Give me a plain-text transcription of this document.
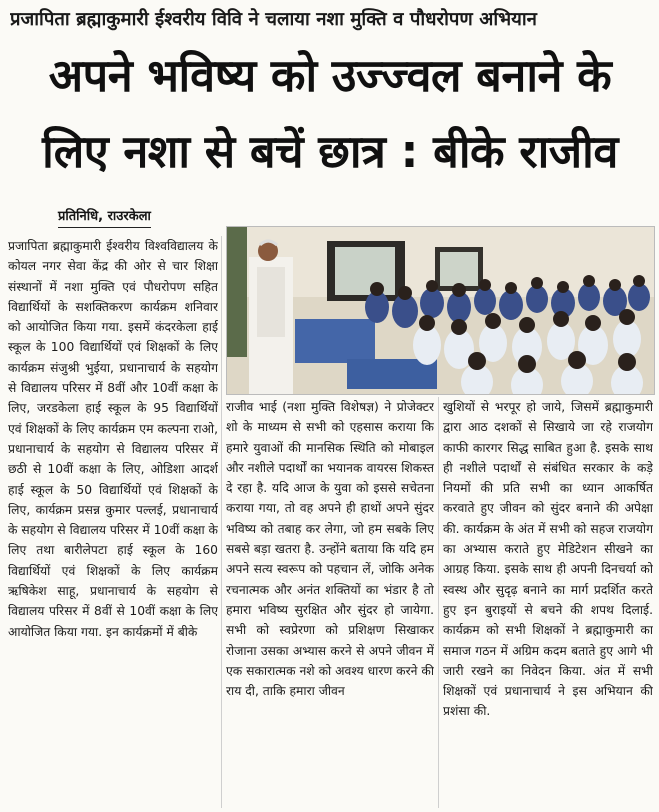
प्रजापिता ब्रह्माकुमारी ईश्वरीय विवि ने चलाया नशा मुक्ति व पौधरोपण अभियान
अपने भविष्य को उज्ज्वल बनाने के
लिए नशा से बचें छात्र : बीके राजीव
प्रतिनिधि, राउरकेला
प्रजापिता ब्रह्माकुमारी ईश्वरीय विश्वविद्यालय के कोयल नगर सेवा केंद्र की ओर से चार शिक्षा संस्थानों में नशा मुक्ति एवं पौधरोपण सहित विद्यार्थियों के सशक्तिकरण कार्यक्रम शनिवार को आयोजित किया गया. इसमें कंदरकेला हाई स्कूल के 100 विद्यार्थियों एवं शिक्षकों के लिए कार्यक्रम संजुश्री भुईया, प्रधानाचार्य के सहयोग से विद्यालय परिसर में 8वीं और 10वीं कक्षा के लिए, जरडकेला हाई स्कूल के 95 विद्यार्थियों एवं शिक्षकों के लिए कार्यक्रम एम कल्पना राओ, प्रधानाचार्य के सहयोग से विद्यालय परिसर में छठी से 10वीं कक्षा के लिए, ओडिशा आदर्श हाई स्कूल के 50 विद्यार्थियों एवं शिक्षकों के लिए, कार्यक्रम प्रसन्न कुमार पल्लई, प्रधानाचार्य के सहयोग से विद्यालय परिसर में 10वीं कक्षा के लिए तथा बारीलेपटा हाई स्कूल के 160 विद्यार्थियों एवं शिक्षकों के लिए कार्यक्रम ऋषिकेश साहू, प्रधानाचार्य के सहयोग से विद्यालय परिसर में 8वीं से 10वीं कक्षा के लिए आयोजित किया गया. इन कार्यक्रमों में बीके
राजीव भाई (नशा मुक्ति विशेषज्ञ) ने प्रोजेक्टर शो के माध्यम से सभी को एहसास कराया कि हमारे युवाओं की मानसिक स्थिति को मोबाइल और नशीले पदार्थों का भयानक वायरस शिकस्त दे रहा है. यदि आज के युवा को इससे सचेतना कराया गया, तो वह अपने ही हाथों अपने सुंदर भविष्य को तबाह कर लेगा, जो हम सबके लिए सबसे बड़ा खतरा है. उन्होंने बताया कि यदि हम अपने सत्य स्वरूप को पहचान लें, जोकि अनेक रचनात्मक और अनंत शक्तियों का भंडार है तो हमारा भविष्य सुरक्षित और सुंदर हो जायेगा. सभी को स्वप्रेरणा को प्रशिक्षण सिखाकर रोजाना उसका अभ्यास करने से अपने जीवन में एक सकारात्मक नशे को अवश्य धारण करने की राय दी, ताकि हमारा जीवन
खुशियों से भरपूर हो जाये, जिसमें ब्रह्माकुमारी द्वारा आठ दशकों से सिखाये जा रहे राजयोग काफी कारगर सिद्ध साबित हुआ है. इसके साथ ही नशीले पदार्थों से संबंधित सरकार के कड़े नियमों की प्रति सभी का ध्यान आकर्षित करवाते हुए जीवन को सुंदर बनाने की अपेक्षा की. कार्यक्रम के अंत में सभी को सहज राजयोग का अभ्यास कराते हुए मेडिटेशन सीखने का आग्रह किया. इसके साथ ही अपनी दिनचर्या को स्वस्थ और सुदृढ़ बनाने का मार्ग प्रदर्शित करते हुए इन बुराइयों से बचने की शपथ दिलाई. कार्यक्रम को सभी शिक्षकों ने ब्रह्माकुमारी का समाज गठन में अग्रिम कदम बताते हुए आगे भी जारी रखने का निवेदन किया. अंत में सभी शिक्षकों एवं प्रधानाचार्य ने इस अभियान की प्रशंसा की.
